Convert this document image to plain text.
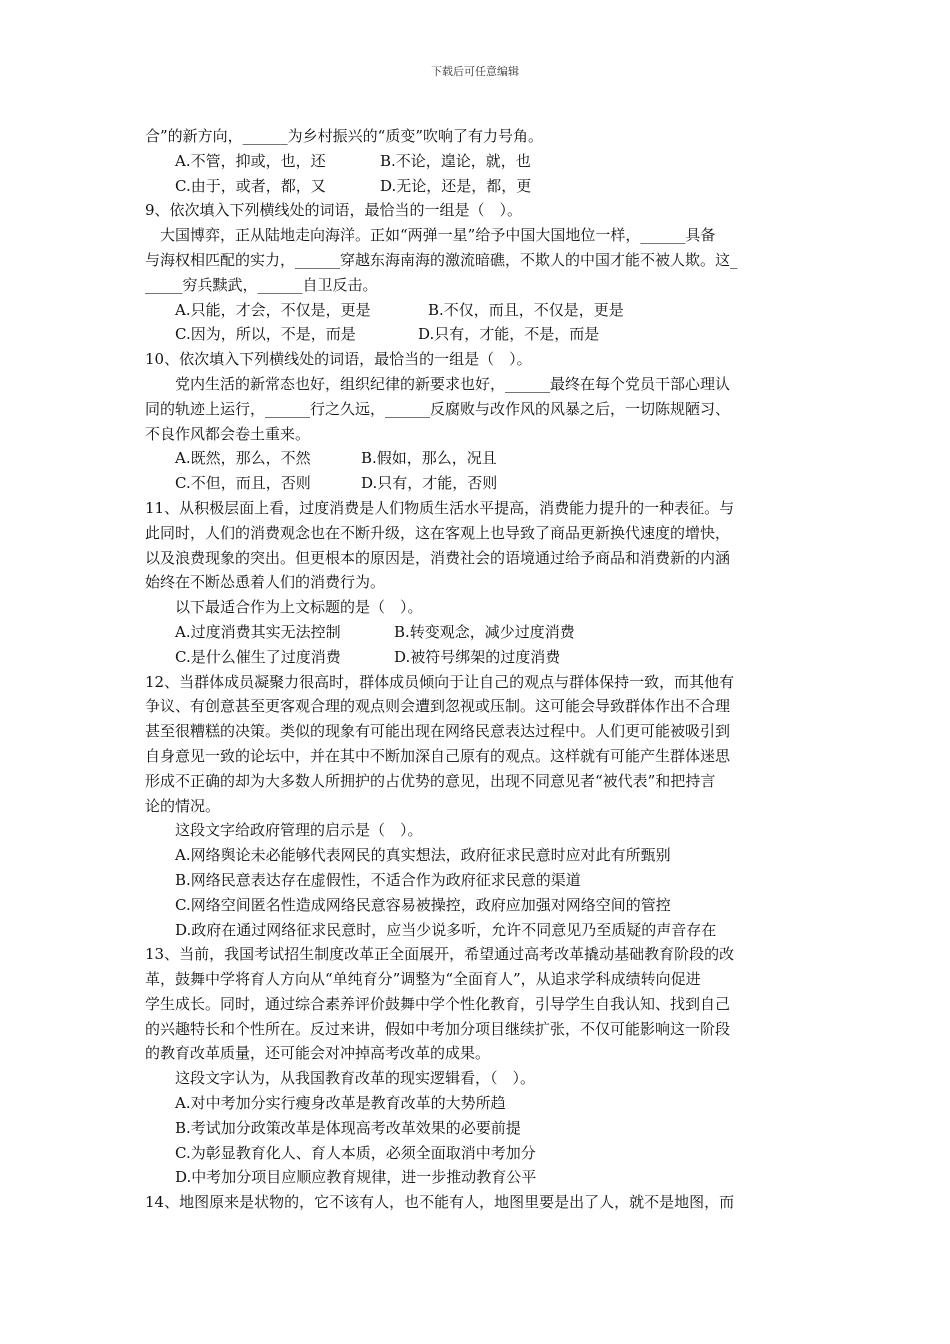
下载后可任意编辑
合”的新方向，______为乡村振兴的“质变”吹响了有力号角。
A.不管，抑或，也，还	B.不论，遑论，就，也
C.由于，或者，都，又	D.无论，还是，都，更
9、依次填入下列横线处的词语，最恰当的一组是（　）。
大国博弈，正从陆地走向海洋。正如“两弹一星”给予中国大国地位一样，______具备
与海权相匹配的实力，______穿越东海南海的激流暗礁，不欺人的中国才能不被人欺。这_
_____穷兵黩武，______自卫反击。
A.只能，才会，不仅是，更是	B.不仅，而且，不仅是，更是
C.因为，所以，不是，而是	D.只有，才能，不是，而是
10、依次填入下列横线处的词语，最恰当的一组是（　）。
党内生活的新常态也好，组织纪律的新要求也好，______最终在每个党员干部心理认
同的轨迹上运行，______行之久远，______反腐败与改作风的风暴之后，一切陈规陋习、
不良作风都会卷土重来。
A.既然，那么，不然	B.假如，那么，况且
C.不但，而且，否则	D.只有，才能，否则
11、从积极层面上看，过度消费是人们物质生活水平提高，消费能力提升的一种表征。与
此同时，人们的消费观念也在不断升级，这在客观上也导致了商品更新换代速度的增快，
以及浪费现象的突出。但更根本的原因是，消费社会的语境通过给予商品和消费新的内涵
始终在不断怂恿着人们的消费行为。
以下最适合作为上文标题的是（　）。
A.过度消费其实无法控制	B.转变观念，减少过度消费
C.是什么催生了过度消费	D.被符号绑架的过度消费
12、当群体成员凝聚力很高时，群体成员倾向于让自己的观点与群体保持一致，而其他有
争议、有创意甚至更客观合理的观点则会遭到忽视或压制。这可能会导致群体作出不合理
甚至很糟糕的决策。类似的现象有可能出现在网络民意表达过程中。人们更可能被吸引到
自身意见一致的论坛中，并在其中不断加深自己原有的观点。这样就有可能产生群体迷思
形成不正确的却为大多数人所拥护的占优势的意见，出现不同意见者“被代表”和把持言
论的情况。
这段文字给政府管理的启示是（　）。
A.网络舆论未必能够代表网民的真实想法，政府征求民意时应对此有所甄别
B.网络民意表达存在虚假性，不适合作为政府征求民意的渠道
C.网络空间匿名性造成网络民意容易被操控，政府应加强对网络空间的管控
D.政府在通过网络征求民意时，应当少说多听，允许不同意见乃至质疑的声音存在
13、当前，我国考试招生制度改革正全面展开，希望通过高考改革撬动基础教育阶段的改
革，鼓舞中学将育人方向从“单纯育分”调整为“全面育人”，从追求学科成绩转向促进
学生成长。同时，通过综合素养评价鼓舞中学个性化教育，引导学生自我认知、找到自己
的兴趣特长和个性所在。反过来讲，假如中考加分项目继续扩张，不仅可能影响这一阶段
的教育改革质量，还可能会对冲掉高考改革的成果。
这段文字认为，从我国教育改革的现实逻辑看，（　）。
A.对中考加分实行瘦身改革是教育改革的大势所趋
B.考试加分政策改革是体现高考改革效果的必要前提
C.为彰显教育化人、育人本质，必须全面取消中考加分
D.中考加分项目应顺应教育规律，进一步推动教育公平
14、地图原来是状物的，它不该有人，也不能有人，地图里要是出了人，就不是地图，而
